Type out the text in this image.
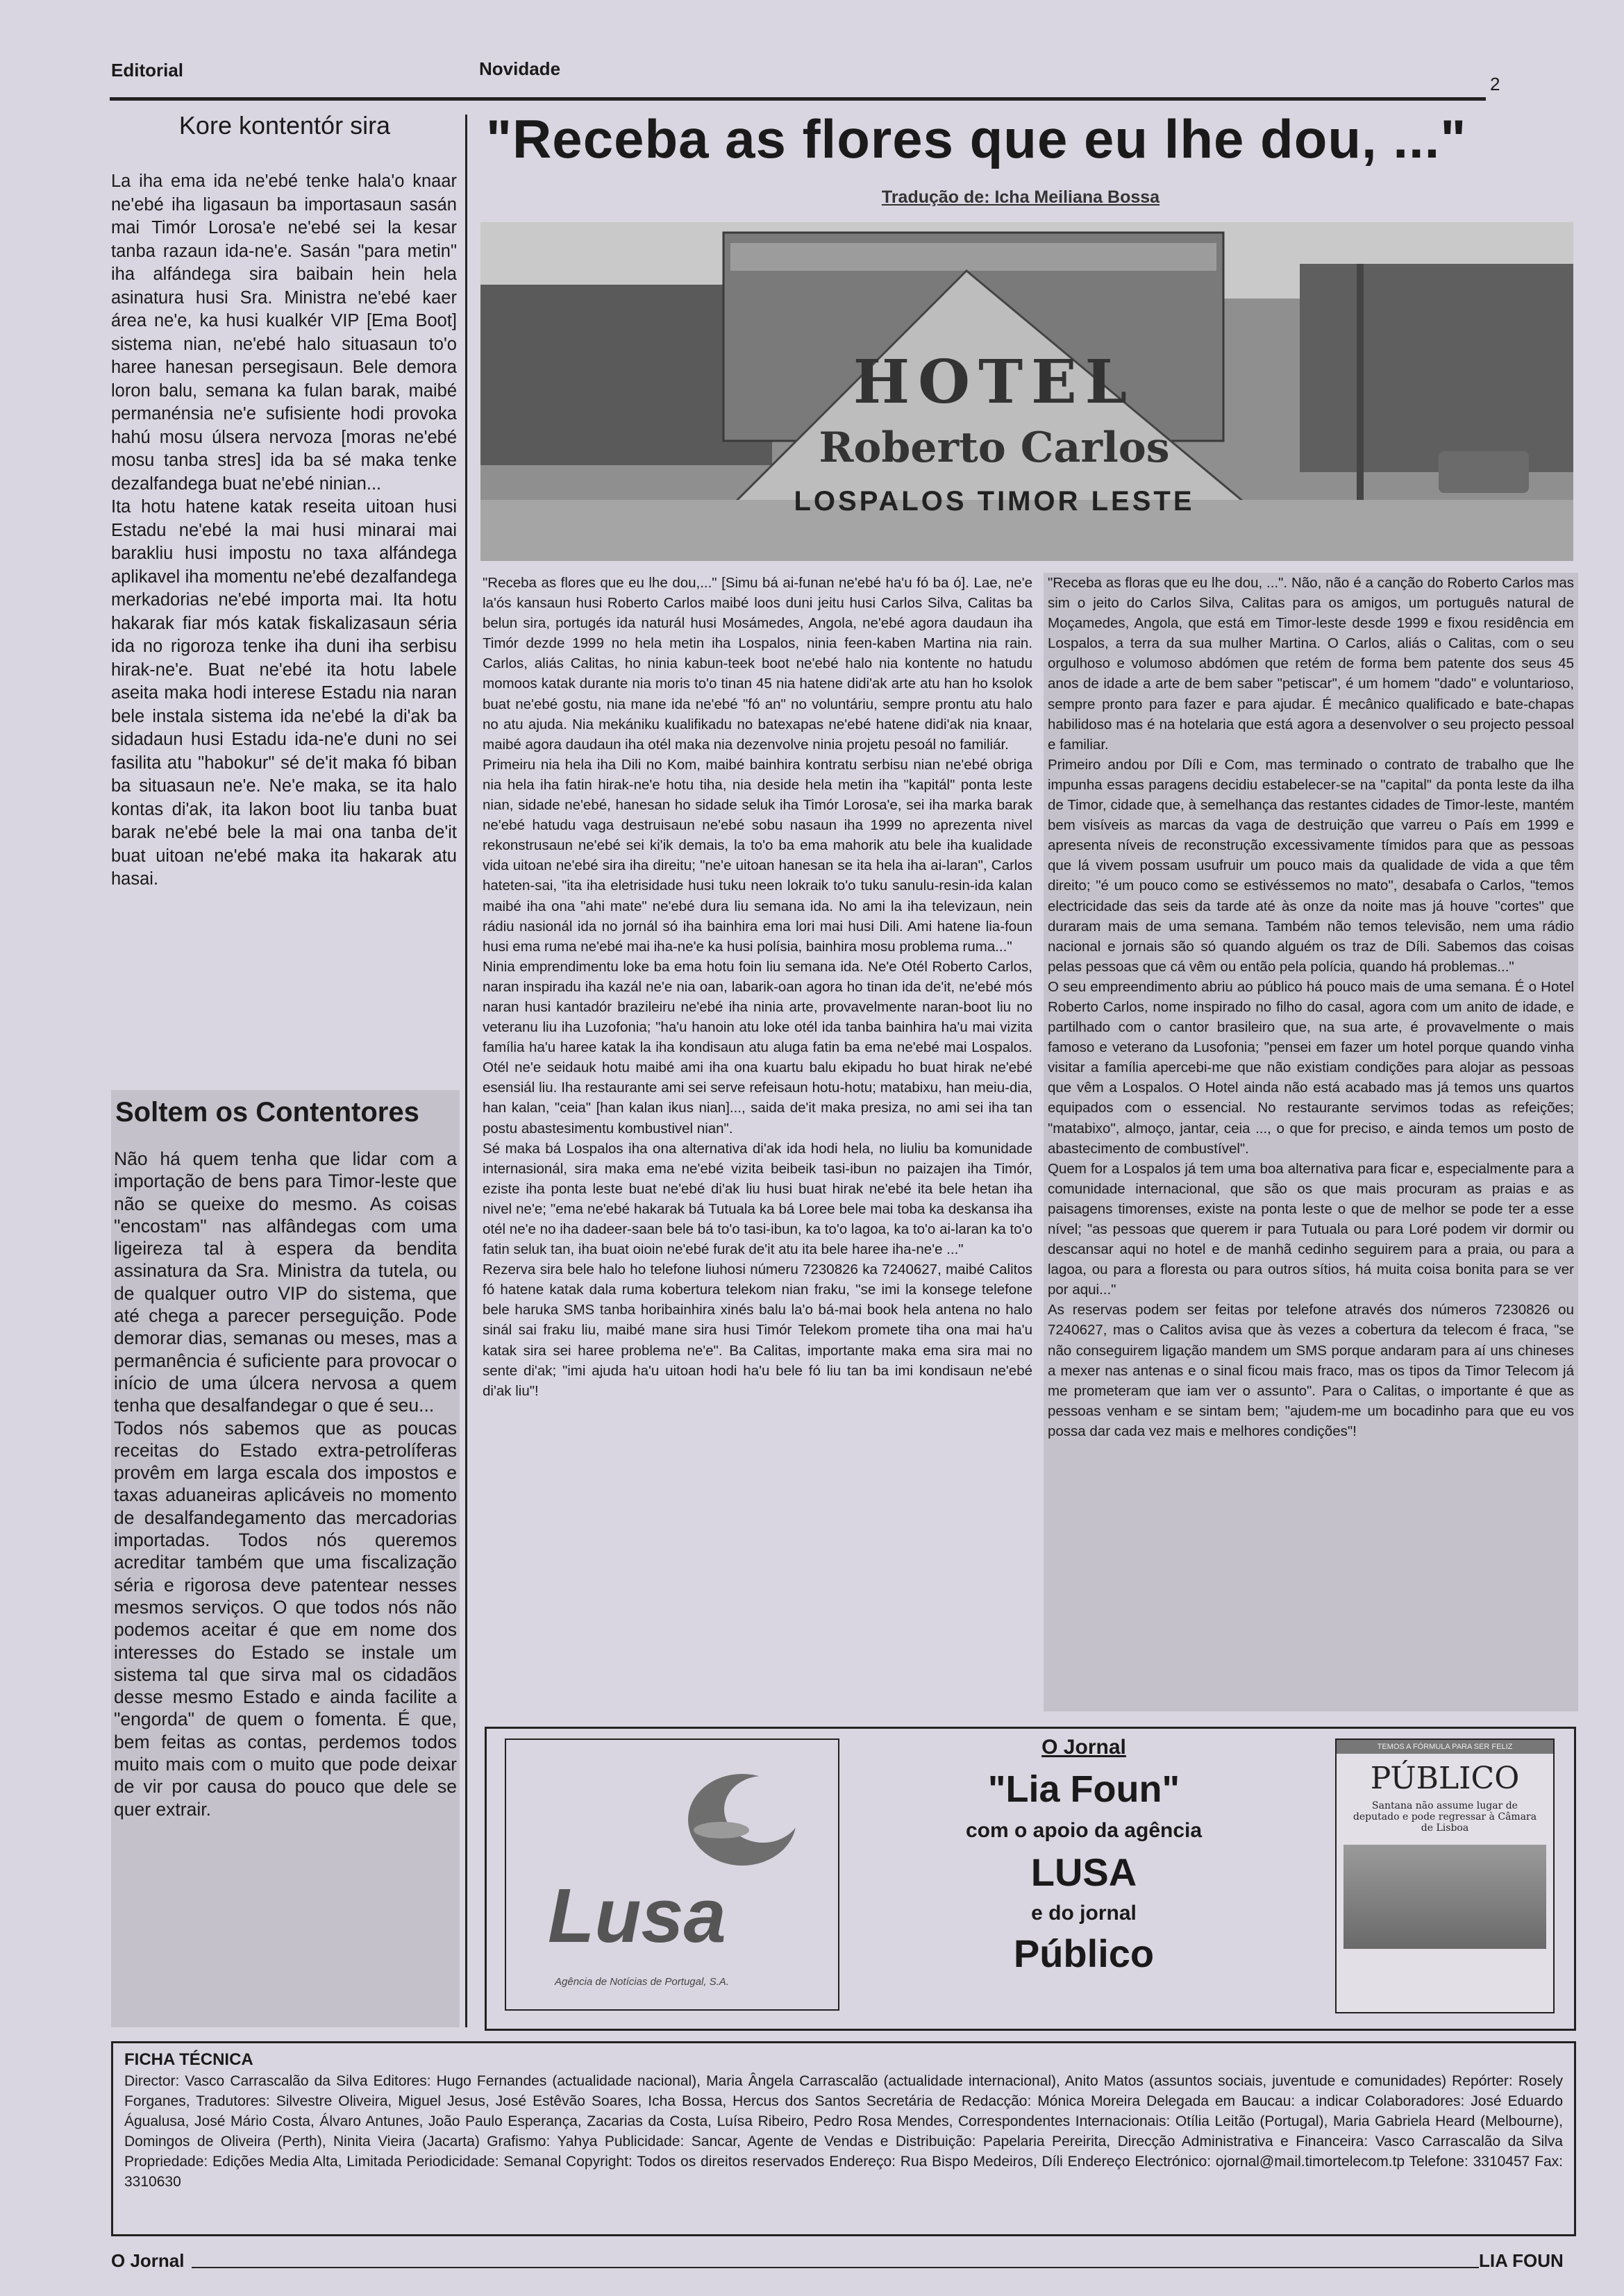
Editorial	Novidade
2
Kore kontentór sira
La iha ema ida ne'ebé tenke hala'o knaar ne'ebé iha ligasaun ba importasaun sasán mai Timór Lorosa'e ne'ebé sei la kesar tanba razaun ida-ne'e. Sasán "para metin" iha alfándega sira baibain hein hela asinatura husi Sra. Ministra ne'ebé kaer área ne'e, ka husi kualkér VIP [Ema Boot] sistema nian, ne'ebé halo situasaun to'o haree hanesan persegisaun. Bele demora loron balu, semana ka fulan barak, maibé permanénsia ne'e sufisiente hodi provoka hahú mosu úlsera nervoza [moras ne'ebé mosu tanba stres] ida ba sé maka tenke dezalfandega buat ne'ebé ninian...
Ita hotu hatene katak reseita uitoan husi Estadu ne'ebé la mai husi minarai mai barakliu husi impostu no taxa alfándega aplikavel iha momentu ne'ebé dezalfandega merkadorias ne'ebé importa mai. Ita hotu hakarak fiar mós katak fiskalizasaun séria ida no rigoroza tenke iha duni iha serbisu hirak-ne'e. Buat ne'ebé ita hotu labele aseita maka hodi interese Estadu nia naran bele instala sistema ida ne'ebé la di'ak ba sidadaun husi Estadu ida-ne'e duni no sei fasilita atu "habokur" sé de'it maka fó biban ba situasaun ne'e. Ne'e maka, se ita halo kontas di'ak, ita lakon boot liu tanba buat barak ne'ebé bele la mai ona tanba de'it buat uitoan ne'ebé maka ita hakarak atu hasai.
Soltem os Contentores
Não há quem tenha que lidar com a importação de bens para Timor-leste que não se queixe do mesmo. As coisas "encostam" nas alfândegas com uma ligeireza tal à espera da bendita assinatura da Sra. Ministra da tutela, ou de qualquer outro VIP do sistema, que até chega a parecer perseguição. Pode demorar dias, semanas ou meses, mas a permanência é suficiente para provocar o início de uma úlcera nervosa a quem tenha que desalfandegar o que é seu...
Todos nós sabemos que as poucas receitas do Estado extra-petrolíferas provêm em larga escala dos impostos e taxas aduaneiras aplicáveis no momento de desalfandegamento das mercadorias importadas. Todos nós queremos acreditar também que uma fiscalização séria e rigorosa deve patentear nesses mesmos serviços. O que todos nós não podemos aceitar é que em nome dos interesses do Estado se instale um sistema tal que sirva mal os cidadãos desse mesmo Estado e ainda facilite a "engorda" de quem o fomenta. É que, bem feitas as contas, perdemos todos muito mais com o muito que pode deixar de vir por causa do pouco que dele se quer extrair.
"Receba as flores que eu lhe dou, ..."
Tradução de: Icha Meiliana Bossa
HOTEL
Roberto Carlos
LOSPALOS TIMOR LESTE
"Receba as flores que eu lhe dou,..." [Simu bá ai-funan ne'ebé ha'u fó ba ó]. Lae, ne'e la'ós kansaun husi Roberto Carlos maibé loos duni jeitu husi Carlos Silva, Calitas ba belun sira, portugés ida naturál husi Mosámedes, Angola, ne'ebé agora daudaun iha Timór dezde 1999 no hela metin iha Lospalos, ninia feen-kaben Martina nia rain. Carlos, aliás Calitas, ho ninia kabun-teek boot ne'ebé halo nia kontente no hatudu momoos katak durante nia moris to'o tinan 45 nia hatene didi'ak arte atu han ho ksolok buat ne'ebé gostu, nia mane ida ne'ebé "fó an" no voluntáriu, sempre prontu atu halo no atu ajuda. Nia mekániku kualifikadu no batexapas ne'ebé hatene didi'ak nia knaar, maibé agora daudaun iha otél maka nia dezenvolve ninia projetu pesoál no familiár.
Primeiru nia hela iha Dili no Kom, maibé bainhira kontratu serbisu nian ne'ebé obriga nia hela iha fatin hirak-ne'e hotu tiha, nia deside hela metin iha "kapitál" ponta leste nian, sidade ne'ebé, hanesan ho sidade seluk iha Timór Lorosa'e, sei iha marka barak ne'ebé hatudu vaga destruisaun ne'ebé sobu nasaun iha 1999 no aprezenta nivel rekonstrusaun ne'ebé sei ki'ik demais, la to'o ba ema mahorik atu bele iha kualidade vida uitoan ne'ebé sira iha direitu; "ne'e uitoan hanesan se ita hela iha ai-laran", Carlos hateten-sai, "ita iha eletrisidade husi tuku neen lokraik to'o tuku sanulu-resin-ida kalan maibé iha ona "ahi mate" ne'ebé dura liu semana ida. No ami la iha televizaun, nein rádiu nasionál ida no jornál só iha bainhira ema lori mai husi Dili. Ami hatene lia-foun husi ema ruma ne'ebé mai iha-ne'e ka husi polísia, bainhira mosu problema ruma..."
Ninia emprendimentu loke ba ema hotu foin liu semana ida. Ne'e Otél Roberto Carlos, naran inspiradu iha kazál ne'e nia oan, labarik-oan agora ho tinan ida de'it, ne'ebé mós naran husi kantadór brazileiru ne'ebé iha ninia arte, provavelmente naran-boot liu no veteranu liu iha Luzofonia; "ha'u hanoin atu loke otél ida tanba bainhira ha'u mai vizita família ha'u haree katak la iha kondisaun atu aluga fatin ba ema ne'ebé mai Lospalos. Otél ne'e seidauk hotu maibé ami iha ona kuartu balu ekipadu ho buat hirak ne'ebé esensiál liu. Iha restaurante ami sei serve refeisaun hotu-hotu; matabixu, han meiu-dia, han kalan, "ceia" [han kalan ikus nian]..., saida de'it maka presiza, no ami sei iha tan postu abastesimentu kombustivel nian".
Sé maka bá Lospalos iha ona alternativa di'ak ida hodi hela, no liuliu ba komunidade internasionál, sira maka ema ne'ebé vizita beibeik tasi-ibun no paizajen iha Timór, eziste iha ponta leste buat ne'ebé di'ak liu husi buat hirak ne'ebé ita bele hetan iha nivel ne'e; "ema ne'ebé hakarak bá Tutuala ka bá Loree bele mai toba ka deskansa iha otél ne'e no iha dadeer-saan bele bá to'o tasi-ibun, ka to'o lagoa, ka to'o ai-laran ka to'o fatin seluk tan, iha buat oioin ne'ebé furak de'it atu ita bele haree iha-ne'e ..."
Rezerva sira bele halo ho telefone liuhosi númeru 7230826 ka 7240627, maibé Calitos fó hatene katak dala ruma kobertura telekom nian fraku, "se imi la konsege telefone bele haruka SMS tanba horibainhira xinés balu la'o bá-mai book hela antena no halo sinál sai fraku liu, maibé mane sira husi Timór Telekom promete tiha ona mai ha'u katak sira sei haree problema ne'e". Ba Calitas, importante maka ema sira mai no sente di'ak; "imi ajuda ha'u uitoan hodi ha'u bele fó liu tan ba imi kondisaun ne'ebé di'ak liu"!
"Receba as floras que eu lhe dou, ...". Não, não é a canção do Roberto Carlos mas sim o jeito do Carlos Silva, Calitas para os amigos, um português natural de Moçamedes, Angola, que está em Timor-leste desde 1999 e fixou residência em Lospalos, a terra da sua mulher Martina. O Carlos, aliás o Calitas, com o seu orgulhoso e volumoso abdómen que retém de forma bem patente dos seus 45 anos de idade a arte de bem saber "petiscar", é um homem "dado" e voluntarioso, sempre pronto para fazer e para ajudar. É mecânico qualificado e bate-chapas habilidoso mas é na hotelaria que está agora a desenvolver o seu projecto pessoal e familiar.
Primeiro andou por Díli e Com, mas terminado o contrato de trabalho que lhe impunha essas paragens decidiu estabelecer-se na "capital" da ponta leste da ilha de Timor, cidade que, à semelhança das restantes cidades de Timor-leste, mantém bem visíveis as marcas da vaga de destruição que varreu o País em 1999 e apresenta níveis de reconstrução excessivamente tímidos para que as pessoas que lá vivem possam usufruir um pouco mais da qualidade de vida a que têm direito; "é um pouco como se estivéssemos no mato", desabafa o Carlos, "temos electricidade das seis da tarde até às onze da noite mas já houve "cortes" que duraram mais de uma semana. Também não temos televisão, nem uma rádio nacional e jornais são só quando alguém os traz de Díli. Sabemos das coisas pelas pessoas que cá vêm ou então pela polícia, quando há problemas..."
O seu empreendimento abriu ao público há pouco mais de uma semana. É o Hotel Roberto Carlos, nome inspirado no filho do casal, agora com um anito de idade, e partilhado com o cantor brasileiro que, na sua arte, é provavelmente o mais famoso e veterano da Lusofonia; "pensei em fazer um hotel porque quando vinha visitar a família apercebi-me que não existiam condições para alojar as pessoas que vêm a Lospalos. O Hotel ainda não está acabado mas já temos uns quartos equipados com o essencial. No restaurante servimos todas as refeições; "matabixo", almoço, jantar, ceia ..., o que for preciso, e ainda temos um posto de abastecimento de combustível".
Quem for a Lospalos já tem uma boa alternativa para ficar e, especialmente para a comunidade internacional, que são os que mais procuram as praias e as paisagens timorenses, existe na ponta leste o que de melhor se pode ter a esse nível; "as pessoas que querem ir para Tutuala ou para Loré podem vir dormir ou descansar aqui no hotel e de manhã cedinho seguirem para a praia, ou para a lagoa, ou para a floresta ou para outros sítios, há muita coisa bonita para se ver por aqui..."
As reservas podem ser feitas por telefone através dos números 7230826 ou 7240627, mas o Calitos avisa que às vezes a cobertura da telecom é fraca, "se não conseguirem ligação mandem um SMS porque andaram para aí uns chineses a mexer nas antenas e o sinal ficou mais fraco, mas os tipos da Timor Telecom já me prometeram que iam ver o assunto". Para o Calitas, o importante é que as pessoas venham e se sintam bem; "ajudem-me um bocadinho para que eu vos possa dar cada vez mais e melhores condições"!
Lusa
Agência de Notícias de Portugal, S.A.
O Jornal
"Lia Foun"
com o apoio da agência
LUSA
e do jornal
Público
TEMOS A FÓRMULA PARA SER FELIZ
PÚBLICO
Santana não assume lugar de deputado e pode regressar à Câmara de Lisboa
FICHA TÉCNICA
Director: Vasco Carrascalão da Silva Editores: Hugo Fernandes (actualidade nacional), Maria Ângela Carrascalão (actualidade internacional), Anito Matos (assuntos sociais, juventude e comunidades) Repórter: Rosely Forganes, Tradutores: Silvestre Oliveira, Miguel Jesus, José Estêvão Soares, Icha Bossa, Hercus dos Santos Secretária de Redacção: Mónica Moreira Delegada em Baucau: a indicar Colaboradores: José Eduardo Águalusa, José Mário Costa, Álvaro Antunes, João Paulo Esperança, Zacarias da Costa, Luísa Ribeiro, Pedro Rosa Mendes, Correspondentes Internacionais: Otília Leitão (Portugal), Maria Gabriela Heard (Melbourne), Domingos de Oliveira (Perth), Ninita Vieira (Jacarta) Grafismo: Yahya Publicidade: Sancar, Agente de Vendas e Distribuição: Papelaria Pereirita, Direcção Administrativa e Financeira: Vasco Carrascalão da Silva Propriedade: Edições Media Alta, Limitada Periodicidade: Semanal Copyright: Todos os direitos reservados Endereço: Rua Bispo Medeiros, Díli Endereço Electrónico: ojornal@mail.timortelecom.tp Telefone: 3310457 Fax: 3310630
O Jornal	LIA FOUN
